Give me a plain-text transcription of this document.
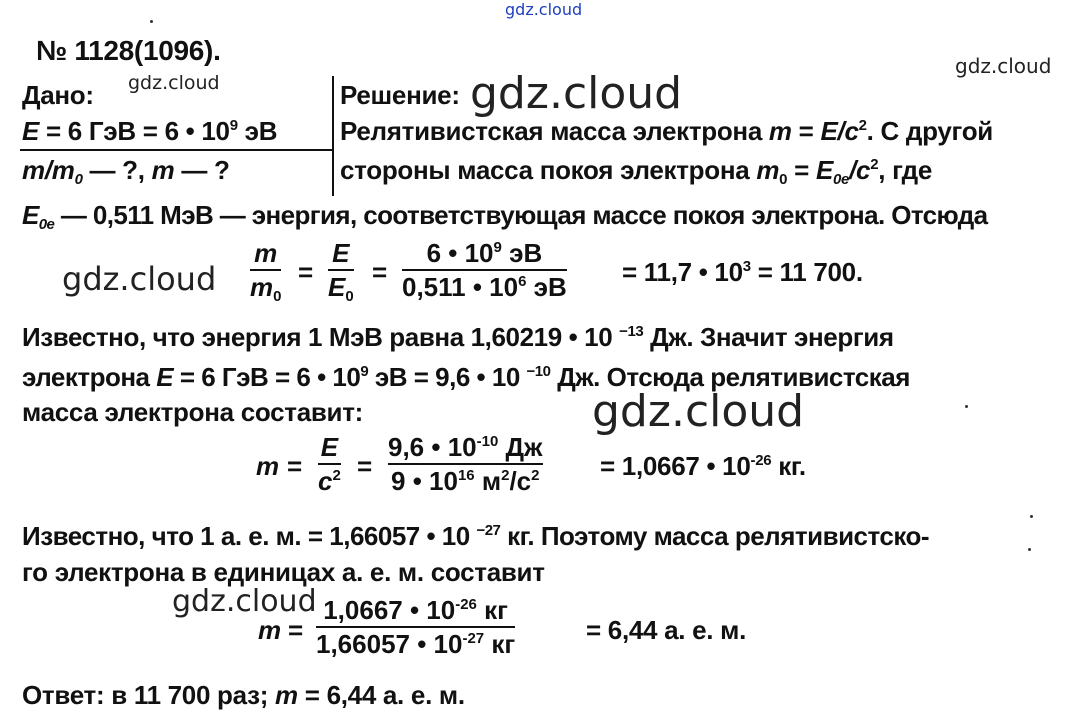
gdz.cloud
gdz.cloud
gdz.cloud	gdz.cloud
gdz.cloud
gdz.cloud
gdz.cloud
№ 1128(1096).
Дано:
E = 6 ГэВ = 6 • $10^9$ эВ
$m/m_0$ — ?, m — ?
Решение:
Релятивистская масса электрона $m = E/c^2$. С другой
стороны масса покоя электрона $m_0 = E_{0e}/c^2$, где
$E_{0e}$ — 0,511 МэВ — энергия, соответствующая массе покоя электрона. Отсюда
m
$m_0$
=
E
$E_0$
=
6 • $10^9$ эВ
0,511 • $10^6$ эВ = 11,7 • $10^3 = 11$ 700.
Известно, что энергия 1 МэВ равна 1,60219 • 10 $^{-13}$ Дж. Значит энергия
электрона E = 6 ГэВ = 6 • $10^9$ эВ = 9,6 • 10 $^{-10}$ Дж. Отсюда релятивистская
масса электрона составит:
m =
E
$c^2$ =
9,6 • $10^{-10}$ Дж
9 • $10^{16}$ $м^2/с^2 = 1,0667$ • $10^{-26}$ кг.
Известно, что 1 а. е. м. = 1,66057 • 10 $^{-27}$ кг. Поэтому масса релятивистско-
го электрона в единицах а. е. м. составит
m =
1,0667 • $10^{-26}$ кг
1,66057 • $10^{-27}$ кг	= 6,44 а. е. м.
Ответ: в 11 700 раз; m = 6,44 а. е. м.
